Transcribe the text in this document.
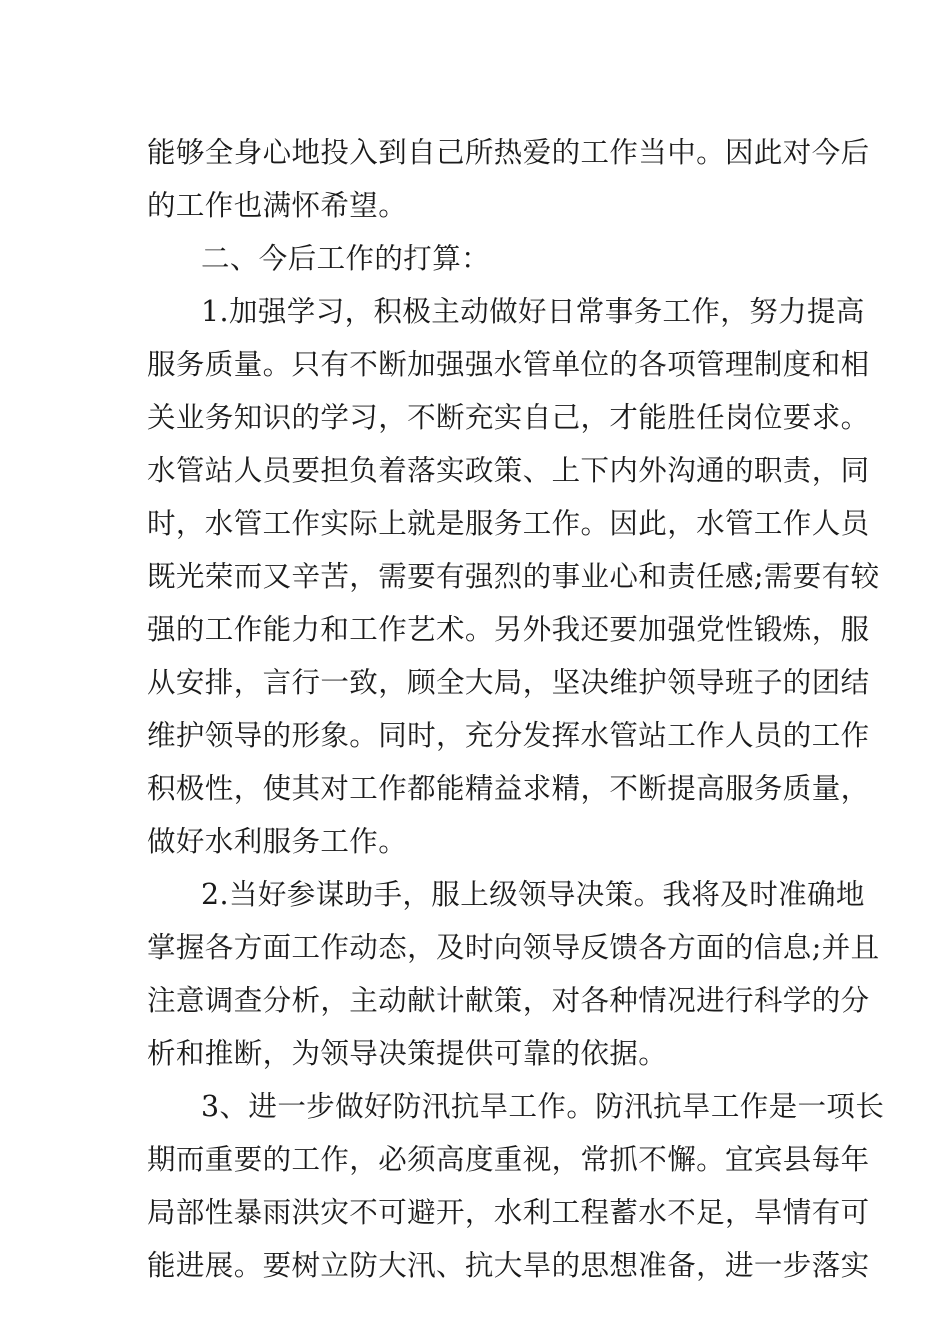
能够全身心地投入到自己所热爱的工作当中。因此对今后
的工作也满怀希望。
二、今后工作的打算：
1.加强学习，积极主动做好日常事务工作，努力提高
服务质量。只有不断加强强水管单位的各项管理制度和相
关业务知识的学习，不断充实自己，才能胜任岗位要求。
水管站人员要担负着落实政策、上下内外沟通的职责，同
时，水管工作实际上就是服务工作。因此，水管工作人员
既光荣而又辛苦，需要有强烈的事业心和责任感;需要有较
强的工作能力和工作艺术。另外我还要加强党性锻炼，服
从安排，言行一致，顾全大局，坚决维护领导班子的团结
维护领导的形象。同时，充分发挥水管站工作人员的工作
积极性，使其对工作都能精益求精，不断提高服务质量，
做好水利服务工作。
2.当好参谋助手，服上级领导决策。我将及时准确地
掌握各方面工作动态，及时向领导反馈各方面的信息;并且
注意调查分析，主动献计献策，对各种情况进行科学的分
析和推断，为领导决策提供可靠的依据。
3、进一步做好防汛抗旱工作。防汛抗旱工作是一项长
期而重要的工作，必须高度重视，常抓不懈。宜宾县每年
局部性暴雨洪灾不可避开，水利工程蓄水不足，旱情有可
能进展。要树立防大汛、抗大旱的思想准备，进一步落实
